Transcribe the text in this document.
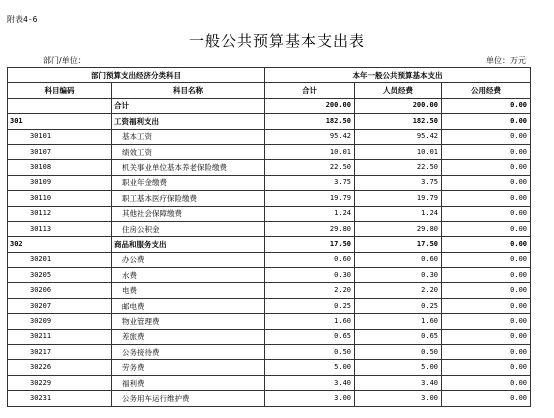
附表4-6
一般公共预算基本支出表
部门/单位：	单位：万元
部门预算支出经济分类科目		本年一般公共预算基本支出		
科目编码	科目名称	合计	人员经费	公用经费
	合计	200.00	200.00	0.00
301	工资福利支出	182.50	182.50	0.00
30101	基本工资	95.42	95.42	0.00
30107	绩效工资	10.01	10.01	0.00
30108	机关事业单位基本养老保险缴费	22.50	22.50	0.00
30109	职业年金缴费	3.75	3.75	0.00
30110	职工基本医疗保险缴费	19.79	19.79	0.00
30112	其他社会保障缴费	1.24	1.24	0.00
30113	住房公积金	29.80	29.80	0.00
302	商品和服务支出	17.50	17.50	0.00
30201	办公费	0.60	0.60	0.00
30205	水费	0.30	0.30	0.00
30206	电费	2.20	2.20	0.00
30207	邮电费	0.25	0.25	0.00
30209	物业管理费	1.60	1.60	0.00
30211	差旅费	0.65	0.65	0.00
30217	公务接待费	0.50	0.50	0.00
30226	劳务费	5.00	5.00	0.00
30229	福利费	3.40	3.40	0.00
30231	公务用车运行维护费	3.00	3.00	0.00
